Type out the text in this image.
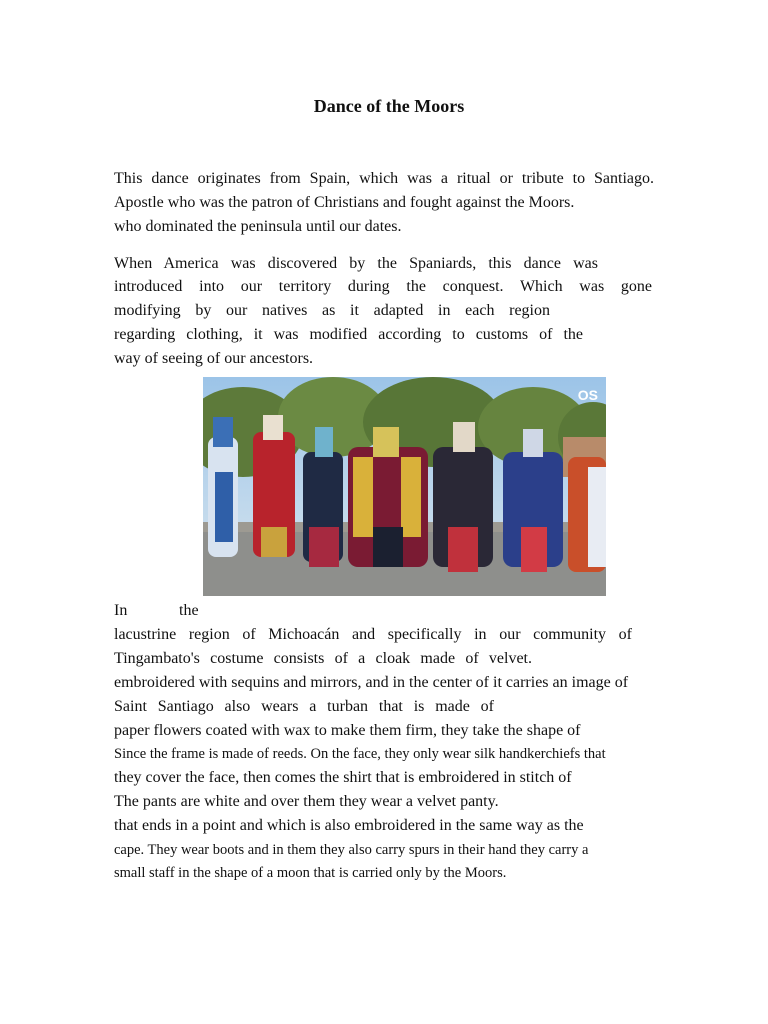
Dance of the Moors
This dance originates from Spain, which was a ritual or tribute to Santiago.
Apostle who was the patron of Christians and fought against the Moors.
who dominated the peninsula until our dates.
When America was discovered by the Spaniards, this dance was
introduced into our territory during the conquest. Which was gone
modifying by our natives as it adapted in each region
regarding clothing, it was modified according to customs of the
way of seeing of our ancestors.
OS
In	the
lacustrine region of Michoacán and specifically in our community of
Tingambato's costume consists of a cloak made of velvet.
embroidered with sequins and mirrors, and in the center of it carries an image of
Saint Santiago also wears a turban that is made of
paper flowers coated with wax to make them firm, they take the shape of
Since the frame is made of reeds. On the face, they only wear silk handkerchiefs that
they cover the face, then comes the shirt that is embroidered in stitch of
The pants are white and over them they wear a velvet panty.
that ends in a point and which is also embroidered in the same way as the
cape. They wear boots and in them they also carry spurs in their hand they carry a
small staff in the shape of a moon that is carried only by the Moors.
